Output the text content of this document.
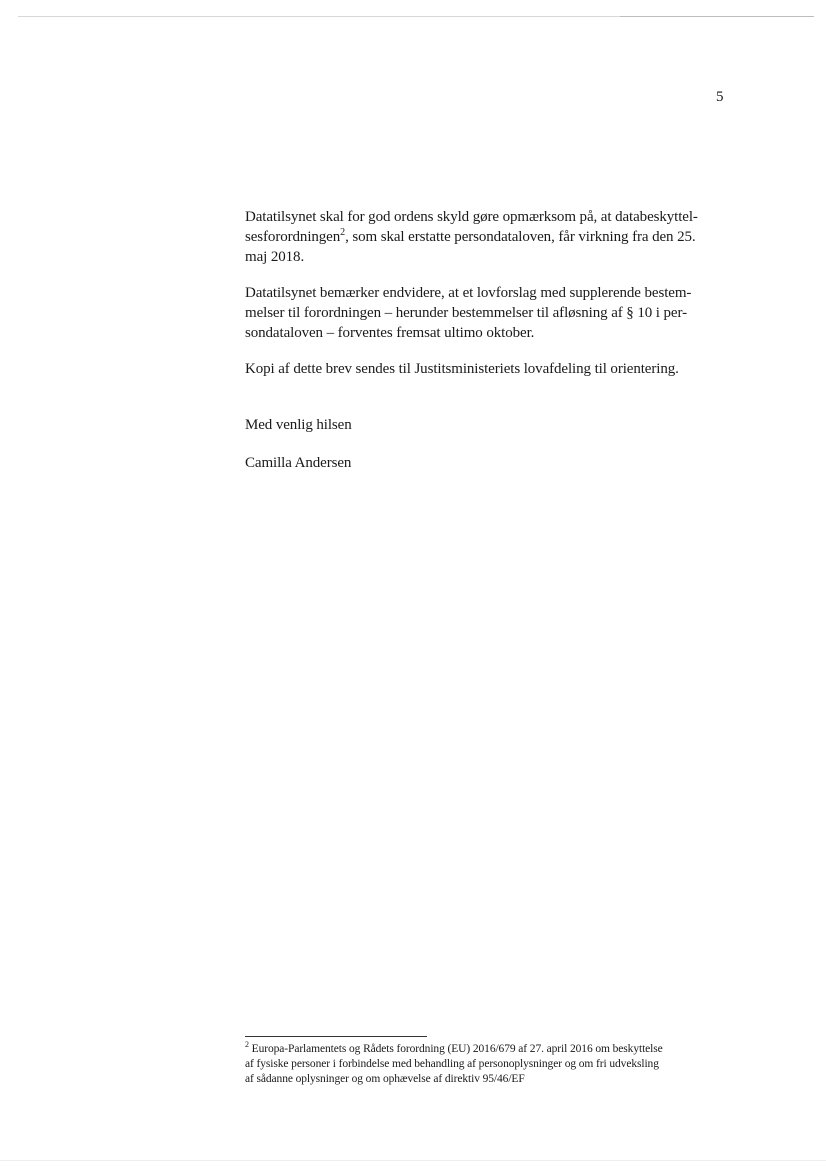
5

Datatilsynet skal for god ordens skyld gøre opmærksom på, at databeskyttel-
sesforordningen$^2$, som skal erstatte persondataloven, får virkning fra den 25.
maj 2018.

Datatilsynet bemærker endvidere, at et lovforslag med supplerende bestem-
melser til forordningen – herunder bestemmelser til afløsning af § 10 i per-
sondataloven – forventes fremsat ultimo oktober.

Kopi af dette brev sendes til Justitsministeriets lovafdeling til orientering.

Med venlig hilsen

Camilla Andersen

$^2$ Europa-Parlamentets og Rådets forordning (EU) 2016/679 af 27. april 2016 om beskyttelse
af fysiske personer i forbindelse med behandling af personoplysninger og om fri udveksling
af sådanne oplysninger og om ophævelse af direktiv 95/46/EF
